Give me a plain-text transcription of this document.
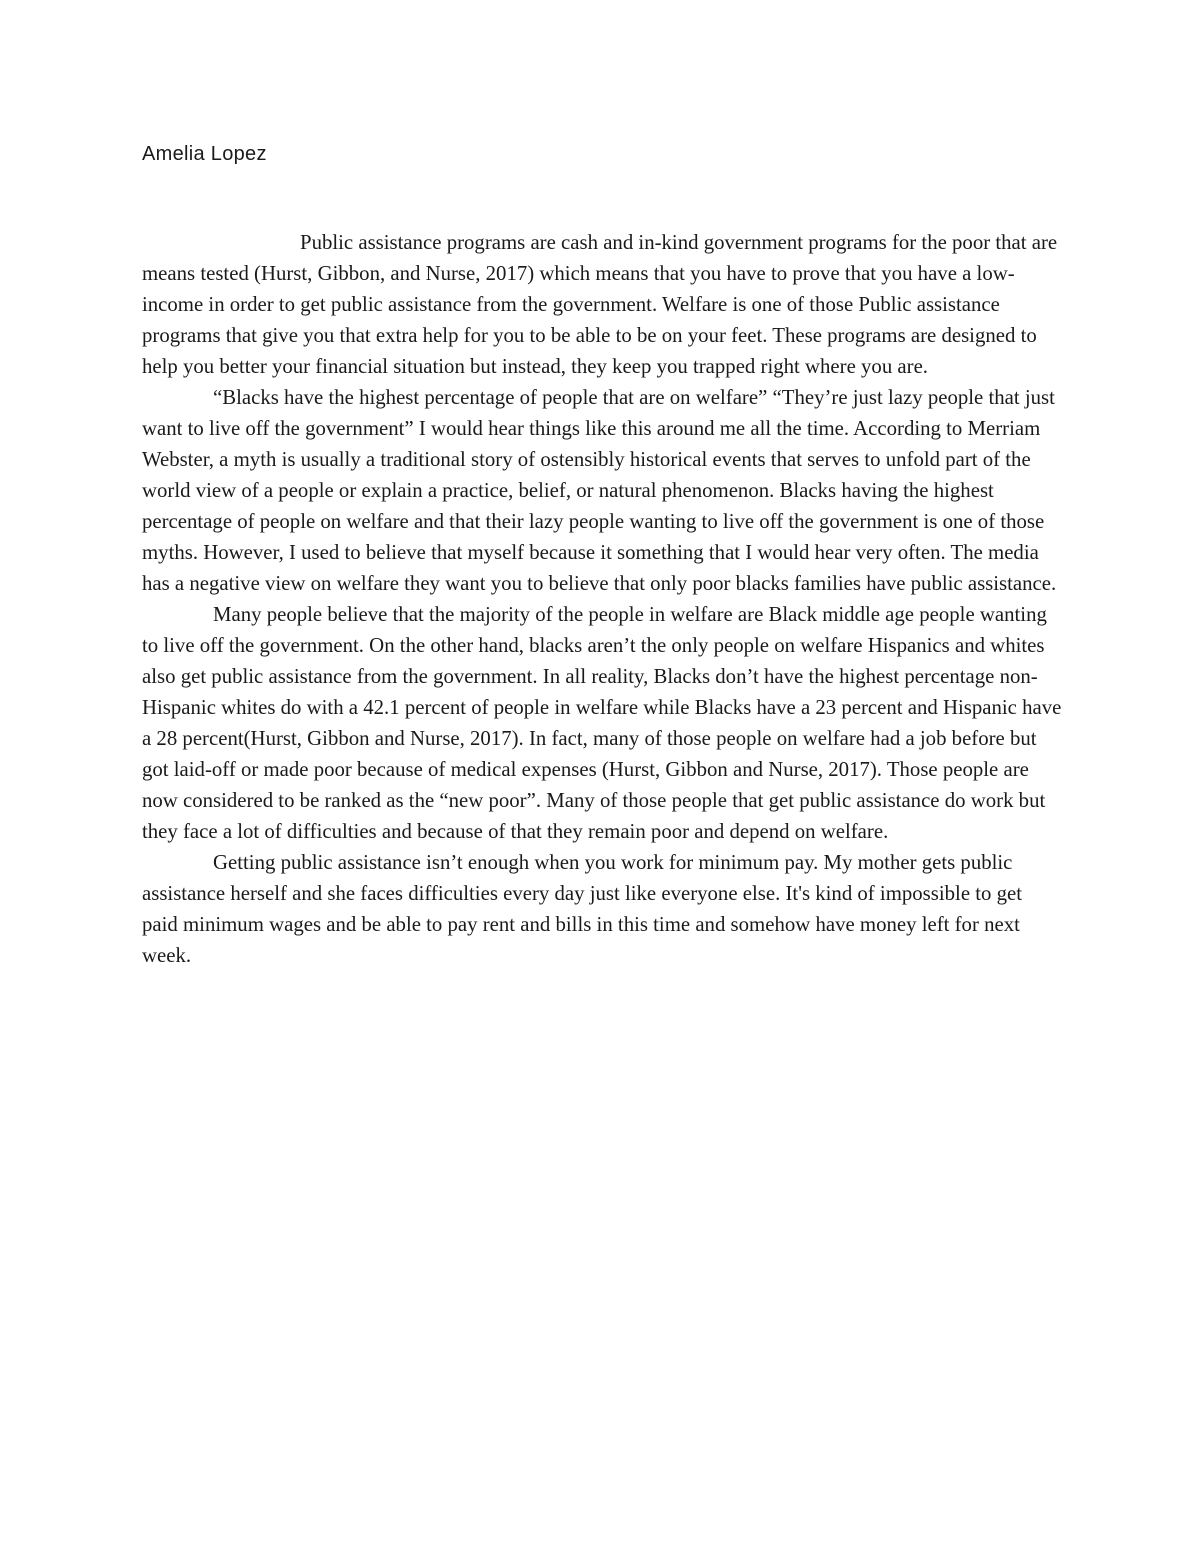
Amelia Lopez

Public assistance programs are cash and in-kind government programs for the poor that are means tested (Hurst, Gibbon, and Nurse, 2017) which means that you have to prove that you have a low-income in order to get public assistance from the government. Welfare is one of those Public assistance programs that give you that extra help for you to be able to be on your feet. These programs are designed to help you better your financial situation but instead, they keep you trapped right where you are.

“Blacks have the highest percentage of people that are on welfare” “They’re just lazy people that just want to live off the government” I would hear things like this around me all the time. According to Merriam Webster, a myth is usually a traditional story of ostensibly historical events that serves to unfold part of the world view of a people or explain a practice, belief, or natural phenomenon. Blacks having the highest percentage of people on welfare and that their lazy people wanting to live off the government is one of those myths. However, I used to believe that myself because it something that I would hear very often. The media has a negative view on welfare they want you to believe that only poor blacks families have public assistance.

Many people believe that the majority of the people in welfare are Black middle age people wanting to live off the government. On the other hand, blacks aren’t the only people on welfare Hispanics and whites also get public assistance from the government. In all reality, Blacks don’t have the highest percentage non-Hispanic whites do with a 42.1 percent of people in welfare while Blacks have a 23 percent and Hispanic have a 28 percent(Hurst, Gibbon and Nurse, 2017). In fact, many of those people on welfare had a job before but got laid-off or made poor because of medical expenses (Hurst, Gibbon and Nurse, 2017). Those people are now considered to be ranked as the “new poor”. Many of those people that get public assistance do work but they face a lot of difficulties and because of that they remain poor and depend on welfare.

Getting public assistance isn’t enough when you work for minimum pay. My mother gets public assistance herself and she faces difficulties every day just like everyone else. It's kind of impossible to get paid minimum wages and be able to pay rent and bills in this time and somehow have money left for next week.
